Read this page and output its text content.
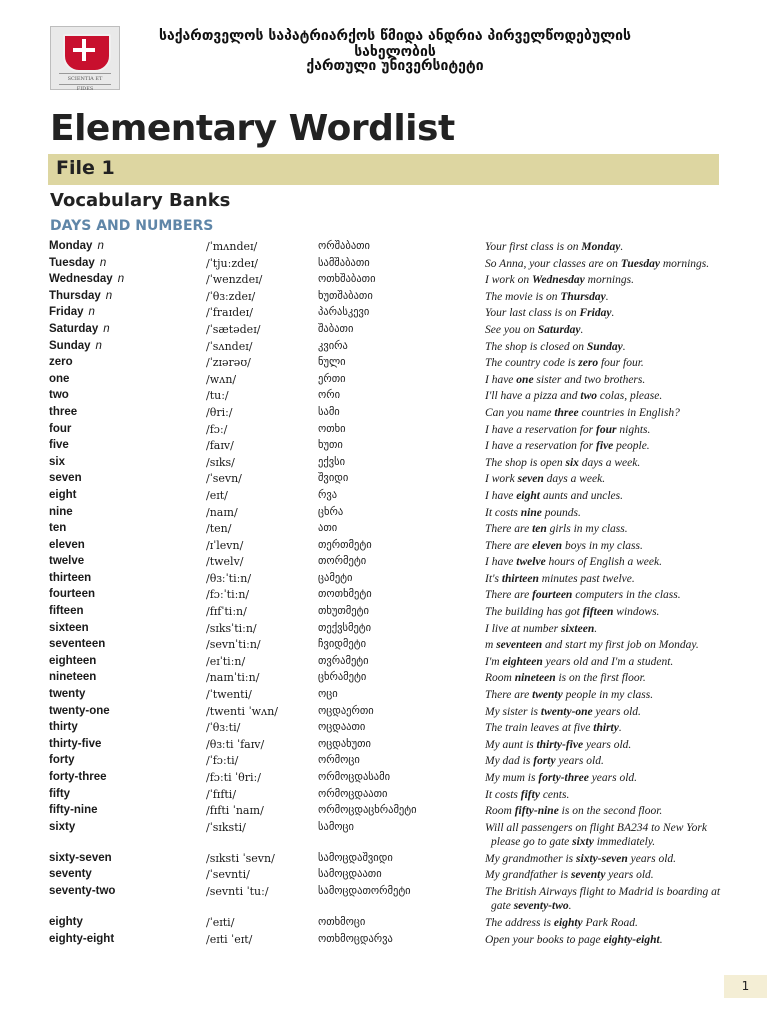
SCIENTIA ET FIDES
საქართველოს საპატრიარქოს წმიდა ანდრია პირველწოდებულის სახელობის
ქართული უნივერსიტეტი
Elementary Wordlist
File 1
Vocabulary Banks
DAYS AND NUMBERS
Monday n	/ˈmʌndeɪ/	ორშაბათი	Your first class is on Monday.
Tuesday n	/ˈtjuːzdeɪ/	სამშაბათი	So Anna, your classes are on Tuesday mornings.
Wednesday n	/ˈwenzdeɪ/	ოთხშაბათი	I work on Wednesday mornings.
Thursday n	/ˈθɜːzdeɪ/	ხუთშაბათი	The movie is on Thursday.
Friday n	/ˈfraɪdeɪ/	პარასკევი	Your last class is on Friday.
Saturday n	/ˈsætədeɪ/	შაბათი	See you on Saturday.
Sunday n	/ˈsʌndeɪ/	კვირა	The shop is closed on Sunday.
zero	/ˈzɪərəʊ/	ნული	The country code is zero four four.
one	/wʌn/	ერთი	I have one sister and two brothers.
two	/tuː/	ორი	I'll have a pizza and two colas, please.
three	/θriː/	სამი	Can you name three countries in English?
four	/fɔː/	ოთხი	I have a reservation for four nights.
five	/faɪv/	ხუთი	I have a reservation for five people.
six	/sɪks/	ექვსი	The shop is open six days a week.
seven	/ˈsevn/	შვიდი	I work seven days a week.
eight	/eɪt/	რვა	I have eight aunts and uncles.
nine	/naɪn/	ცხრა	It costs nine pounds.
ten	/ten/	ათი	There are ten girls in my class.
eleven	/ɪˈlevn/	თერთმეტი	There are eleven boys in my class.
twelve	/twelv/	თორმეტი	I have twelve hours of English a week.
thirteen	/θɜːˈtiːn/	ცამეტი	It's thirteen minutes past twelve.
fourteen	/fɔːˈtiːn/	თოთხმეტი	There are fourteen computers in the class.
fifteen	/fɪfˈtiːn/	თხუთმეტი	The building has got fifteen windows.
sixteen	/sɪksˈtiːn/	თექვსმეტი	I live at number sixteen.
seventeen	/sevnˈtiːn/	ჩვიდმეტი	m seventeen and start my first job on Monday.
eighteen	/eɪˈtiːn/	თვრამეტი	I'm eighteen years old and I'm a student.
nineteen	/naɪnˈtiːn/	ცხრამეტი	Room nineteen is on the first floor.
twenty	/ˈtwenti/	ოცი	There are twenty people in my class.
twenty-one	/twenti ˈwʌn/	ოცდაერთი	My sister is twenty-one years old.
thirty	/ˈθɜːti/	ოცდაათი	The train leaves at five thirty.
thirty-five	/θɜːti ˈfaɪv/	ოცდახუთი	My aunt is thirty-five years old.
forty	/ˈfɔːti/	ორმოცი	My dad is forty years old.
forty-three	/fɔːti ˈθriː/	ორმოცდასამი	My mum is forty-three years old.
fifty	/ˈfɪfti/	ორმოცდაათი	It costs fifty cents.
fifty-nine	/fɪfti ˈnaɪn/	ორმოცდაცხრამეტი	Room fifty-nine is on the second floor.
sixty	/ˈsɪksti/	სამოცი	Will all passengers on flight BA234 to New York
please go to gate sixty immediately.
sixty-seven	/sɪksti ˈsevn/	სამოცდაშვიდი	My grandmother is sixty-seven years old.
seventy	/ˈsevnti/	სამოცდაათი	My grandfather is seventy years old.
seventy-two	/sevnti ˈtuː/	სამოცდათორმეტი	The British Airways flight to Madrid is boarding at
gate seventy-two.
eighty	/ˈeɪti/	ოთხმოცი	The address is eighty Park Road.
eighty-eight	/eɪti ˈeɪt/	ოთხმოცდარვა	Open your books to page eighty-eight.
1
